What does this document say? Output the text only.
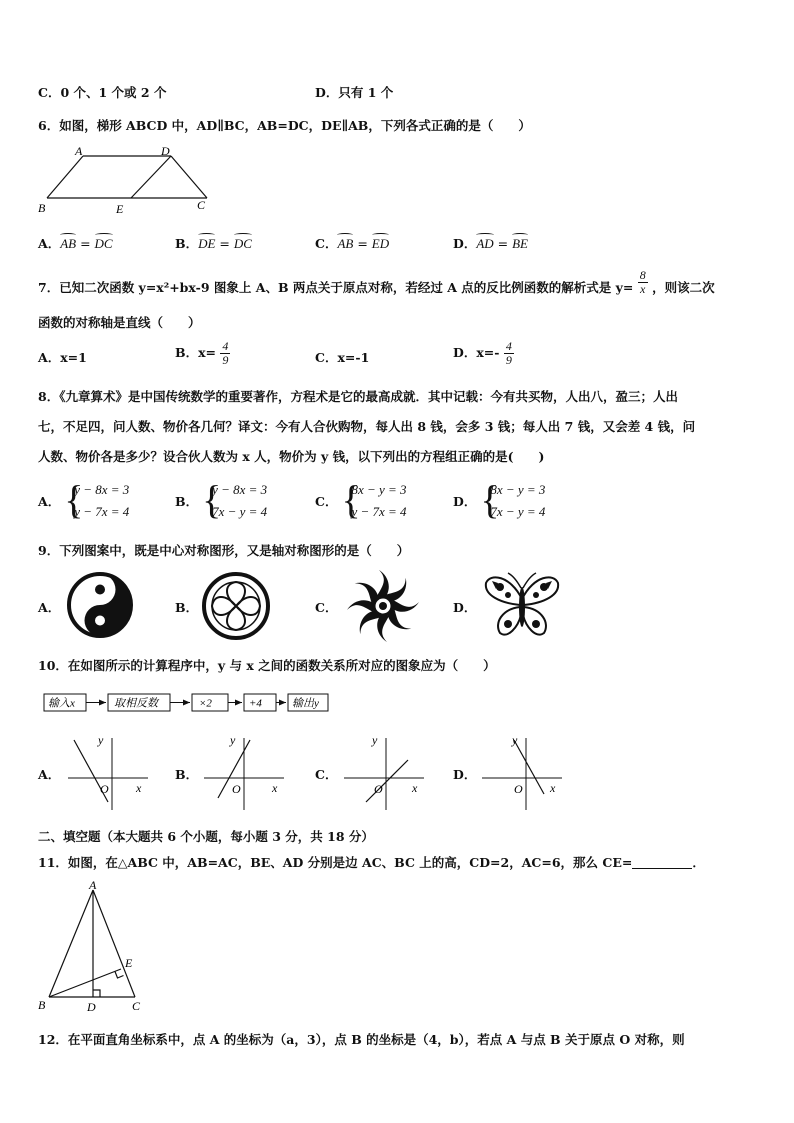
C．0 个、1 个或 2 个	D．只有 1 个
6．如图，梯形 ABCD 中，AD∥BC，AB=DC，DE∥AB，下列各式正确的是（　　）
A	D
B	E	C
A．AB = DC	B．DE = DC	C．AB = ED	D．AD = BE
7．已知二次函数 y=x²+bx-9 图象上 A、B 两点关于原点对称，若经过 A 点的反比例函数的解析式是 $y= \frac{8}{x}$ ，则该二次
函数的对称轴是直线（　　）
A．x=1	B．$x= \frac{4}{9}$	C．x=-1	D．$x=- \frac{4}{9}$
8．《九章算术》是中国传统数学的重要著作，方程术是它的最高成就．其中记载：今有共买物，人出八，盈三；人出
七，不足四，问人数、物价各几何？译文：今有人合伙购物，每人出 8 钱，会多 3 钱；每人出 7 钱，又会差 4 钱，问
人数、物价各是多少？设合伙人数为 x 人，物价为 y 钱，以下列出的方程组正确的是(　　)
A．
{ y − 8x = 3
y − 7x = 4
B．
{ y − 8x = 3
7x − y = 4
C．
{ 8x − y = 3
y − 7x = 4
D．
{ 8x − y = 3
7x − y = 4
9．下列图案中，既是中心对称图形，又是轴对称图形的是（　　）
A．	B．	C．	D．
10．在如图所示的计算程序中，y 与 x 之间的函数关系所对应的图象应为（　　）
输入x	取相反数	×2	+4	输出y
A．
y
x
O
B．
y
x
O
C．
y
x
O
D．
y
x
O
二、填空题（本大题共 6 个小题，每小题 3 分，共 18 分）
11．如图，在△ABC 中，AB=AC，BE、AD 分别是边 AC、BC 上的高，CD=2，AC=6，那么 CE=	．
A
B	C
D
E
12．在平面直角坐标系中，点 A 的坐标为（a，3），点 B 的坐标是（4，b），若点 A 与点 B 关于原点 O 对称，则
